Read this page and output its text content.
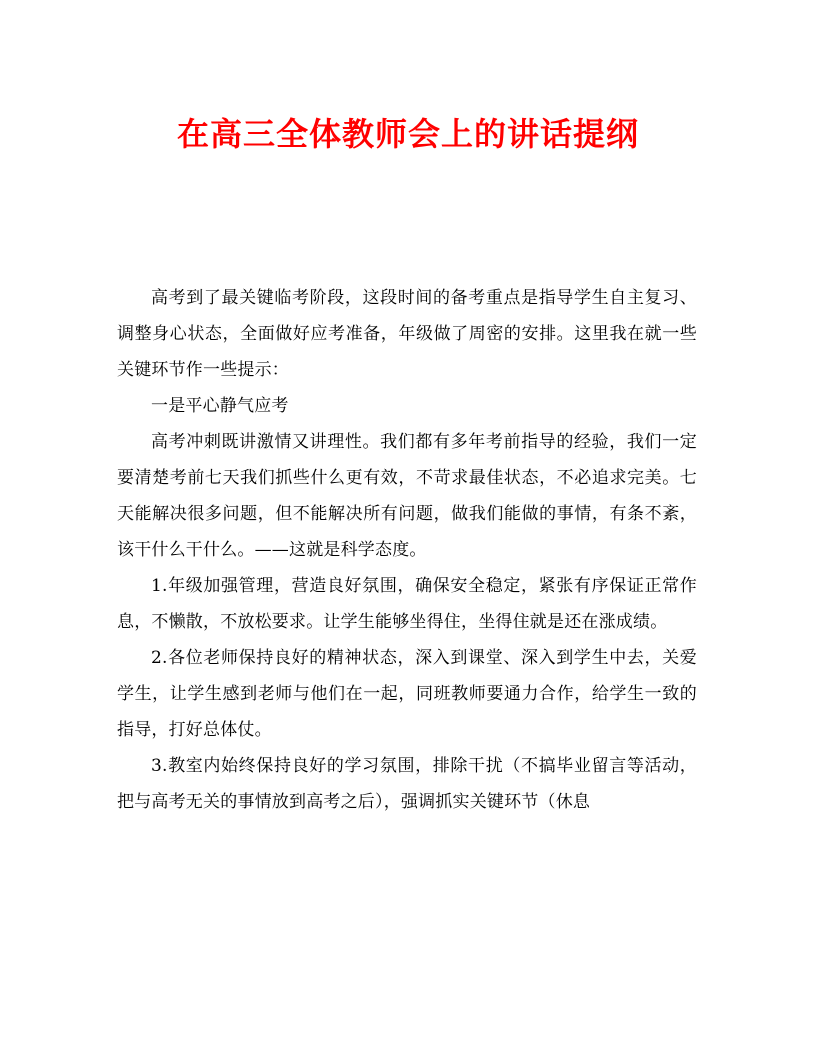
在高三全体教师会上的讲话提纲

高考到了最关键临考阶段，这段时间的备考重点是指导学生自主复习、调整身心状态，全面做好应考准备，年级做了周密的安排。这里我在就一些关键环节作一些提示：

一是平心静气应考

高考冲刺既讲激情又讲理性。我们都有多年考前指导的经验，我们一定要清楚考前七天我们抓些什么更有效，不苛求最佳状态，不必追求完美。七天能解决很多问题，但不能解决所有问题，做我们能做的事情，有条不紊，该干什么干什么。——这就是科学态度。

1.年级加强管理，营造良好氛围，确保安全稳定，紧张有序保证正常作息，不懒散，不放松要求。让学生能够坐得住，坐得住就是还在涨成绩。

2.各位老师保持良好的精神状态，深入到课堂、深入到学生中去，关爱学生，让学生感到老师与他们在一起，同班教师要通力合作，给学生一致的指导，打好总体仗。

3.教室内始终保持良好的学习氛围，排除干扰（不搞毕业留言等活动，把与高考无关的事情放到高考之后），强调抓实关键环节（休息
